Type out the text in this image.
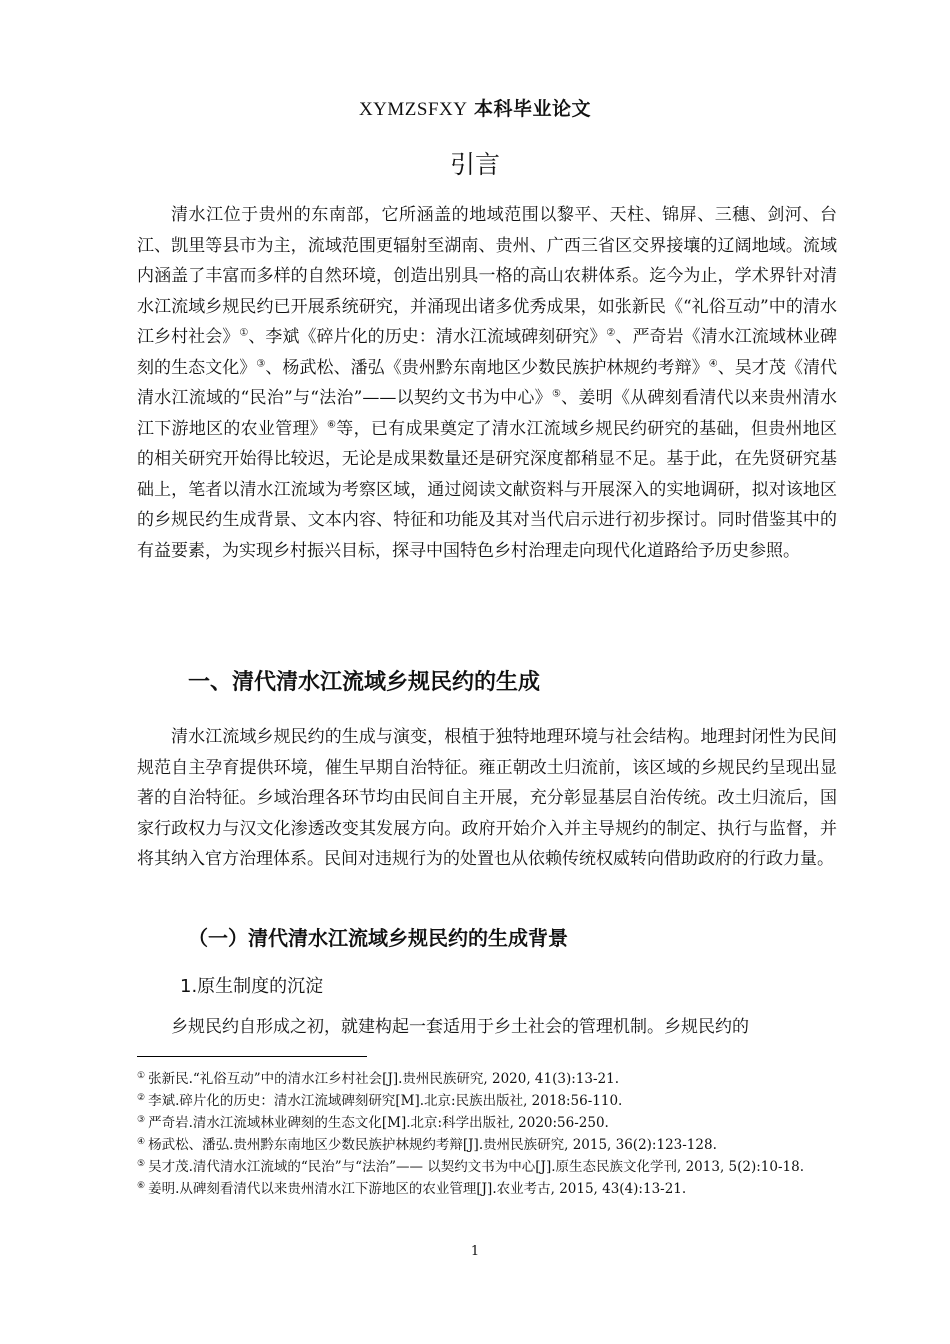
XYMZSFXY 本科毕业论文
引言

清水江位于贵州的东南部，它所涵盖的地域范围以黎平、天柱、锦屏、三穗、剑河、台江、凯里等县市为主，流域范围更辐射至湖南、贵州、广西三省区交界接壤的辽阔地域。流域内涵盖了丰富而多样的自然环境，创造出别具一格的高山农耕体系。迄今为止，学术界针对清水江流域乡规民约已开展系统研究，并涌现出诸多优秀成果，如张新民《“礼俗互动”中的清水江乡村社会》①、李斌《碎片化的历史：清水江流域碑刻研究》②、严奇岩《清水江流域林业碑刻的生态文化》③、杨武松、潘弘《贵州黔东南地区少数民族护林规约考辩》④、吴才茂《清代清水江流域的“民治”与“法治”——以契约文书为中心》⑤、姜明《从碑刻看清代以来贵州清水江下游地区的农业管理》⑥等，已有成果奠定了清水江流域乡规民约研究的基础，但贵州地区的相关研究开始得比较迟，无论是成果数量还是研究深度都稍显不足。基于此，在先贤研究基础上，笔者以清水江流域为考察区域，通过阅读文献资料与开展深入的实地调研，拟对该地区的乡规民约生成背景、文本内容、特征和功能及其对当代启示进行初步探讨。同时借鉴其中的有益要素，为实现乡村振兴目标，探寻中国特色乡村治理走向现代化道路给予历史参照。

一、清代清水江流域乡规民约的生成

清水江流域乡规民约的生成与演变，根植于独特地理环境与社会结构。地理封闭性为民间规范自主孕育提供环境，催生早期自治特征。雍正朝改土归流前，该区域的乡规民约呈现出显著的自治特征。乡域治理各环节均由民间自主开展，充分彰显基层自治传统。改土归流后，国家行政权力与汉文化渗透改变其发展方向。政府开始介入并主导规约的制定、执行与监督，并将其纳入官方治理体系。民间对违规行为的处置也从依赖传统权威转向借助政府的行政力量。

（一）清代清水江流域乡规民约的生成背景
1.原生制度的沉淀

乡规民约自形成之初，就建构起一套适用于乡土社会的管理机制。乡规民约的

① 张新民.“礼俗互动”中的清水江乡村社会[J].贵州民族研究, 2020, 41(3):13-21.

② 李斌.碎片化的历史：清水江流域碑刻研究[M].北京:民族出版社, 2018:56-110.

③ 严奇岩.清水江流域林业碑刻的生态文化[M].北京:科学出版社, 2020:56-250.

④ 杨武松、潘弘.贵州黔东南地区少数民族护林规约考辩[J].贵州民族研究, 2015, 36(2):123-128.

⑤ 吴才茂.清代清水江流域的“民治”与“法治”—— 以契约文书为中心[J].原生态民族文化学刊, 2013, 5(2):10-18.

⑥ 姜明.从碑刻看清代以来贵州清水江下游地区的农业管理[J].农业考古, 2015, 43(4):13-21.

1
